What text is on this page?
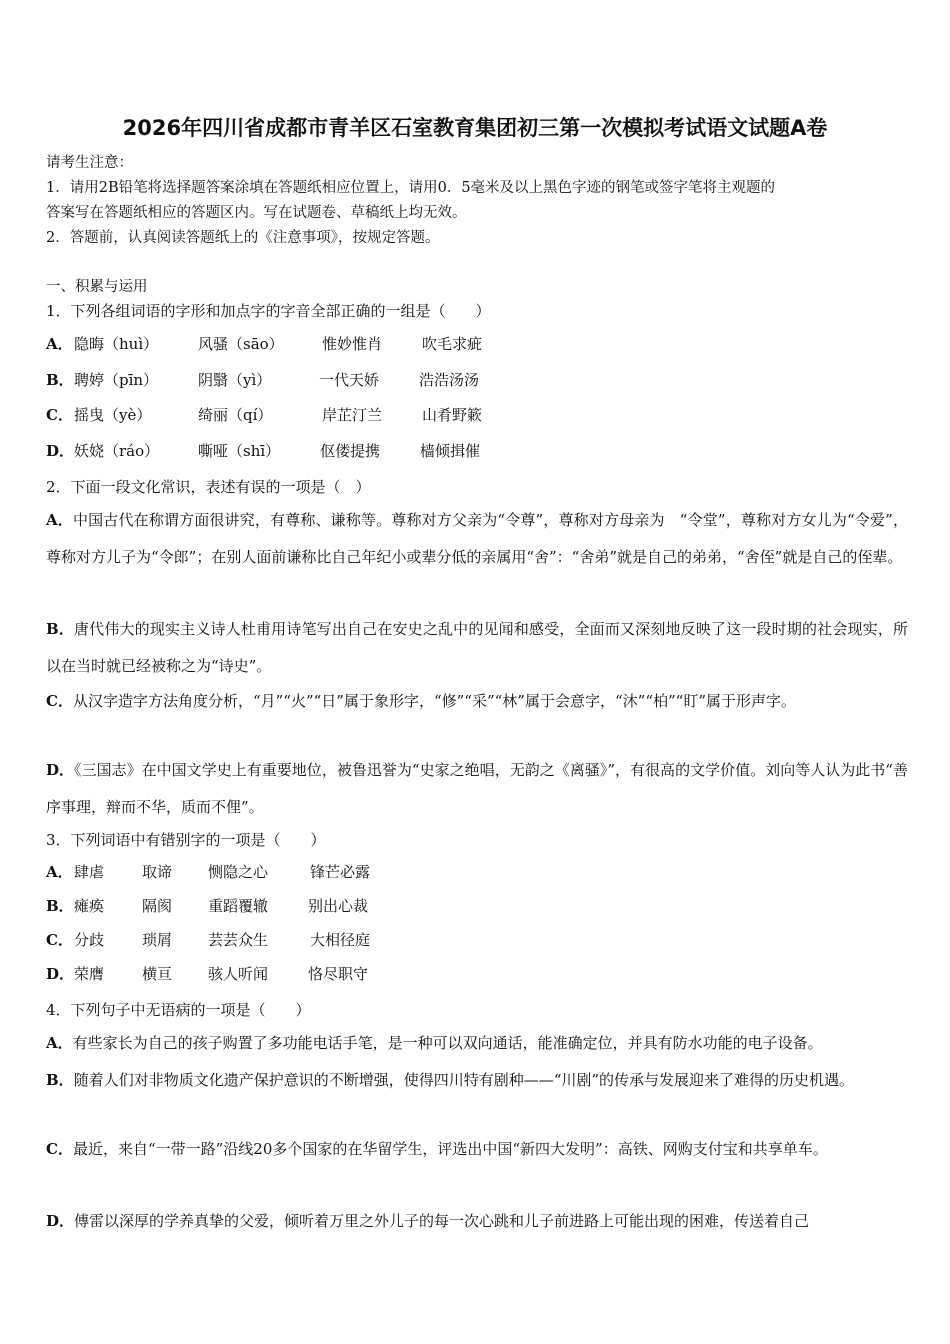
2026年四川省成都市青羊区石室教育集团初三第一次模拟考试语文试题A卷
请考生注意：
1．请用2B铅笔将选择题答案涂填在答题纸相应位置上，请用0．5毫米及以上黑色字迹的钢笔或签字笔将主观题的
答案写在答题纸相应的答题区内。写在试题卷、草稿纸上均无效。
2．答题前，认真阅读答题纸上的《注意事项》，按规定答题。
一、积累与运用
1．下列各组词语的字形和加点字的字音全部正确的一组是（　　）
A． 隐晦（huì）	风骚（sāo）	惟妙惟肖	吹毛求疵
B． 聘婷（pīn）	阴翳（yì）	一代天娇	浩浩汤汤
C． 摇曳（yè）	绮丽（qí）	岸芷汀兰	山肴野簌
D． 妖娆（ráo）	嘶哑（shī）	伛偻提携	樯倾揖催
2．下面一段文化常识，表述有误的一项是（　）
A．中国古代在称谓方面很讲究，有尊称、谦称等。尊称对方父亲为“令尊”，尊称对方母亲为　“令堂”，尊称对方女儿为“令爱”，尊称对方儿子为“令郎”；在别人面前谦称比自己年纪小或辈分低的亲属用“舍”：“舍弟”就是自己的弟弟，“舍侄”就是自己的侄辈。
B．唐代伟大的现实主义诗人杜甫用诗笔写出自己在安史之乱中的见闻和感受，全面而又深刻地反映了这一段时期的社会现实，所以在当时就已经被称之为“诗史”。
C．从汉字造字方法角度分析，“月”“火”“日”属于象形字，“修”“采”“林”属于会意字，“沐”“柏”“盯”属于形声字。
D．《三国志》在中国文学史上有重要地位，被鲁迅誉为“史家之绝唱，无韵之《离骚》”，有很高的文学价值。刘向等人认为此书“善序事理，辩而不华，质而不俚”。
3．下列词语中有错别字的一项是（　　）
A． 肆虐	取谛 恻隐之心	锋芒必露
B． 瘫痪	隔阂 重蹈覆辙	别出心裁
C． 分歧	琐屑 芸芸众生	大相径庭
D． 荣膺	横亘 骇人听闻	恪尽职守
4．下列句子中无语病的一项是（　　）
A．有些家长为自己的孩子购置了多功能电话手笔，是一种可以双向通话，能准确定位，并具有防水功能的电子设备。
B．随着人们对非物质文化遗产保护意识的不断增强，使得四川特有剧种——“川剧”的传承与发展迎来了难得的历史机遇。
C．最近，来自“一带一路”沿线20多个国家的在华留学生，评选出中国“新四大发明”：高铁、网购支付宝和共享单车。
D．傅雷以深厚的学养真挚的父爱，倾听着万里之外儿子的每一次心跳和儿子前进路上可能出现的困难，传送着自己
